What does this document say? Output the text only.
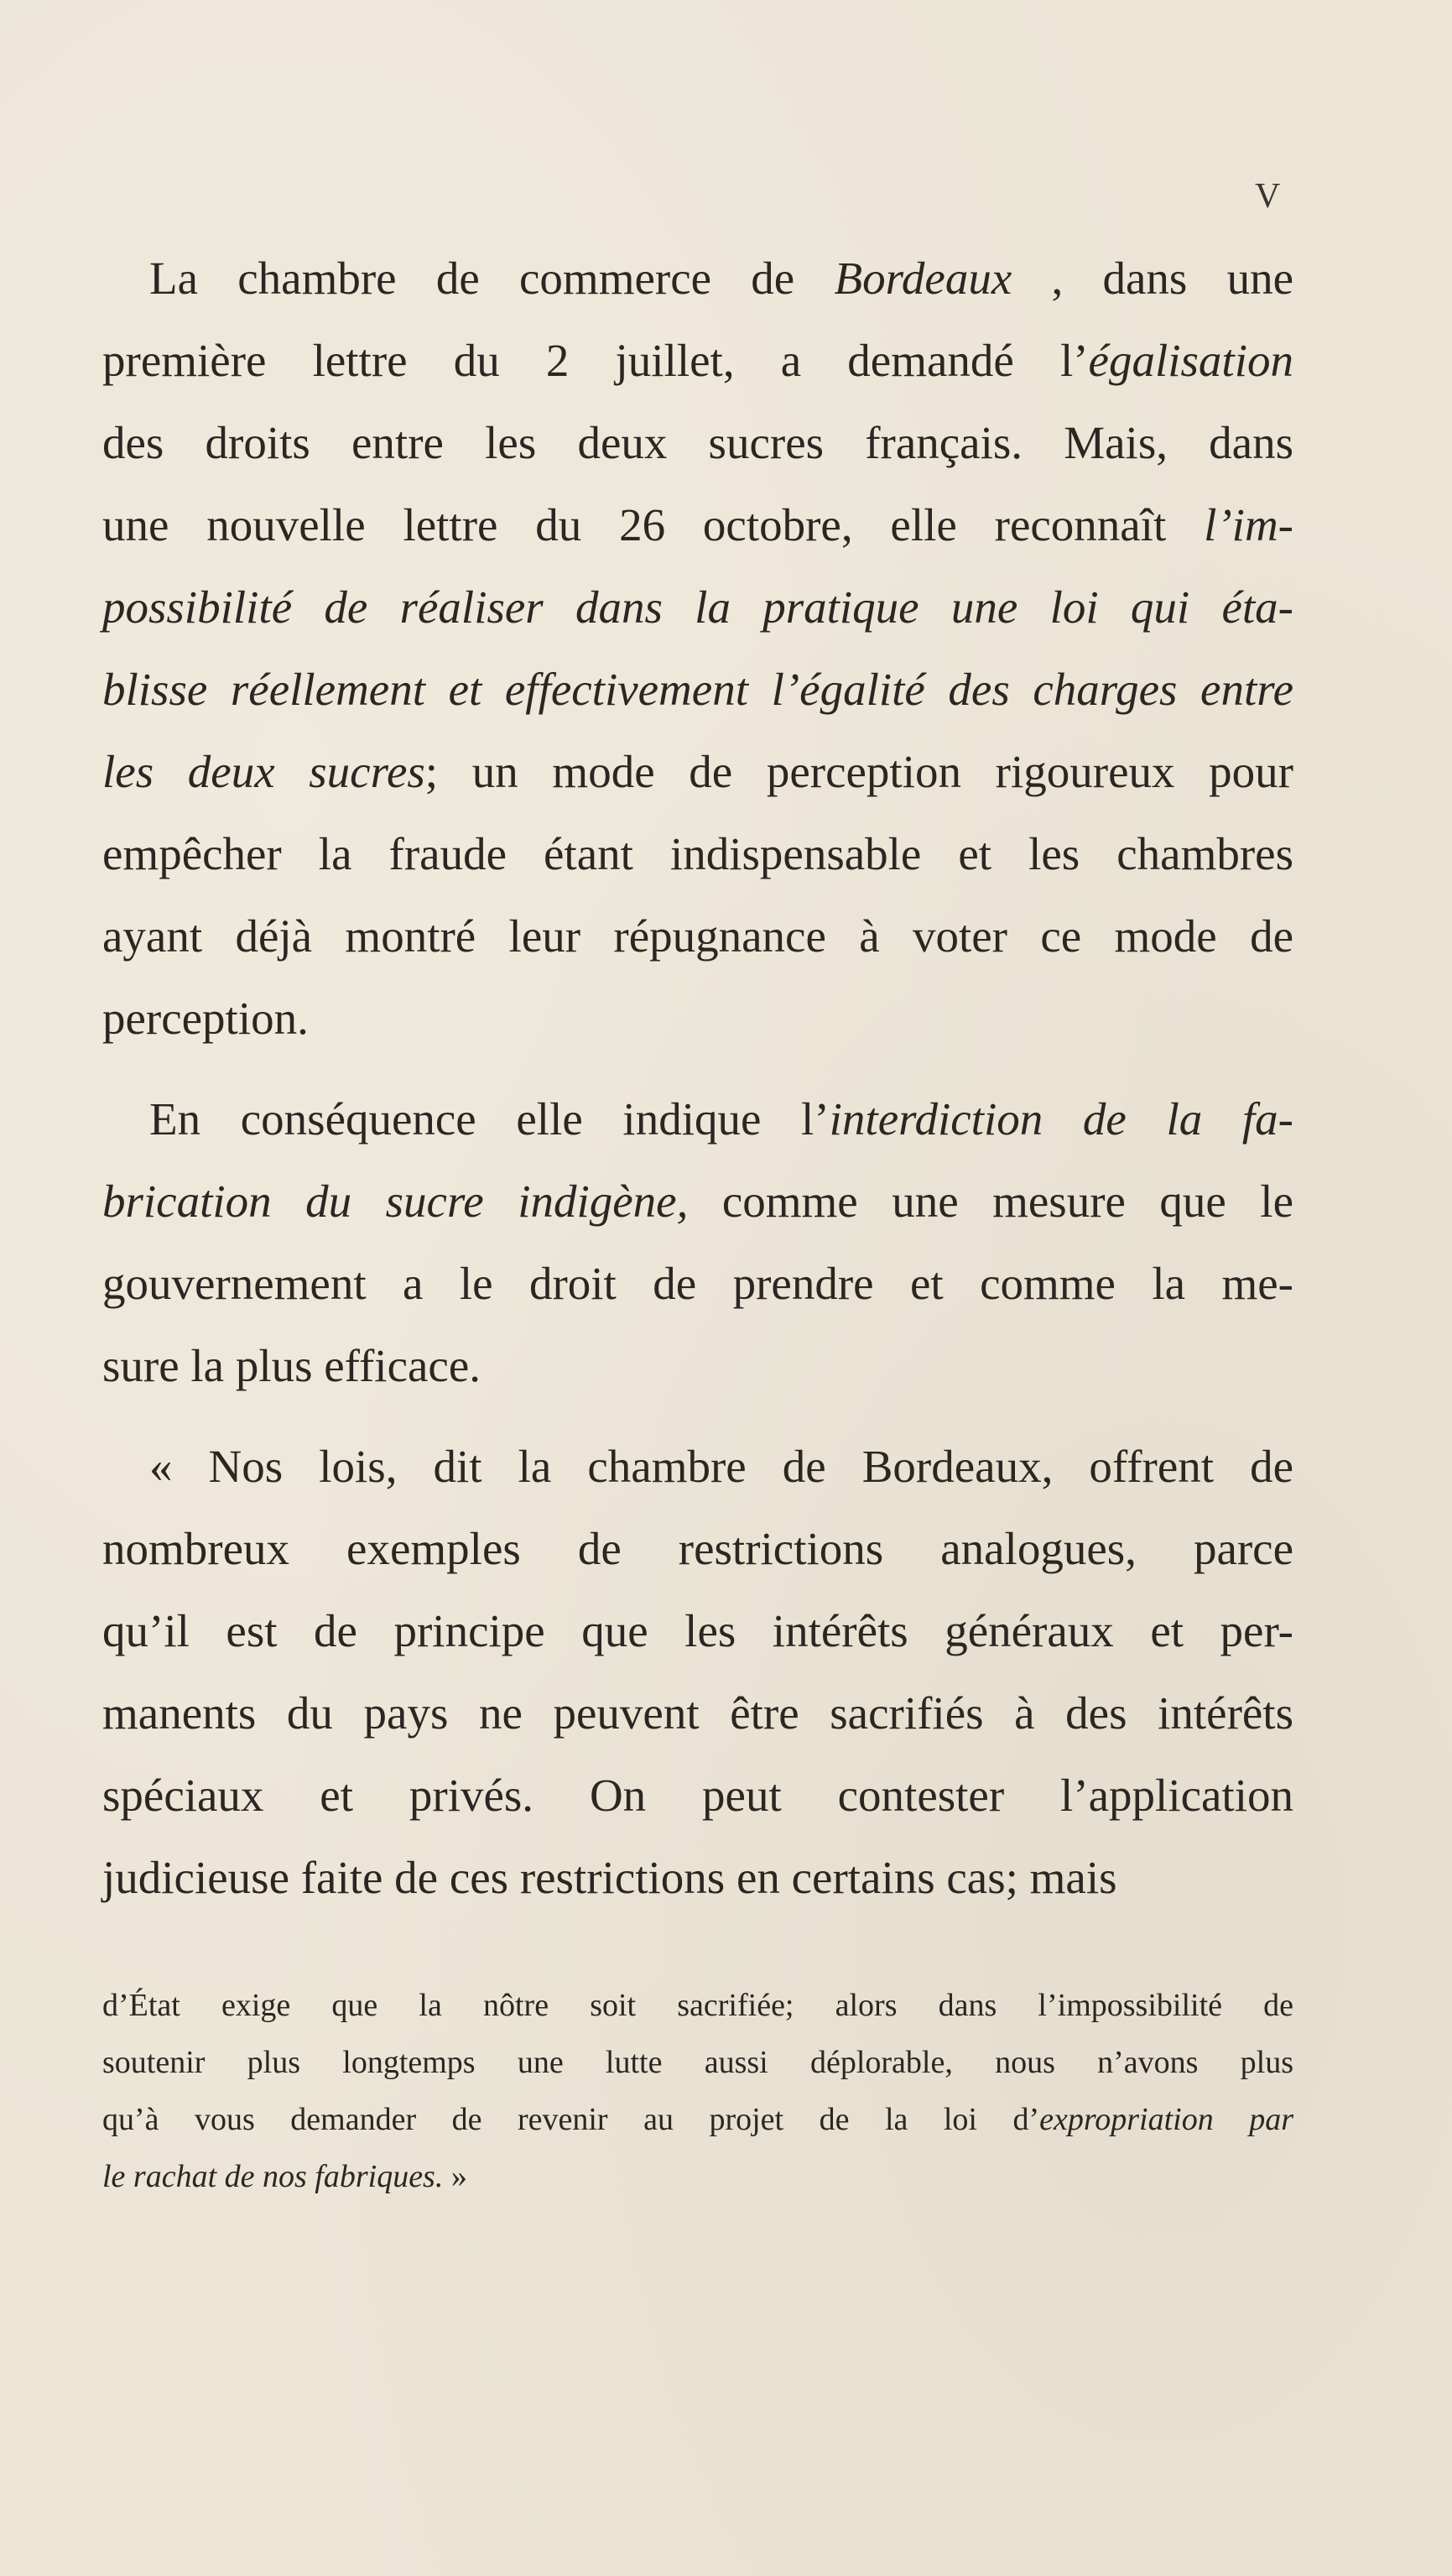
V
La chambre de commerce de Bordeaux , dans une
première lettre du 2 juillet, a demandé l’égalisation
des droits entre les deux sucres français. Mais, dans
une nouvelle lettre du 26 octobre, elle reconnaît l’im-
possibilité de réaliser dans la pratique une loi qui éta-
blisse réellement et effectivement l’égalité des charges entre
les deux sucres; un mode de perception rigoureux pour
empêcher la fraude étant indispensable et les chambres
ayant déjà montré leur répugnance à voter ce mode de
perception.
En conséquence elle indique l’interdiction de la fa-
brication du sucre indigène, comme une mesure que le
gouvernement a le droit de prendre et comme la me-
sure la plus efficace.
« Nos lois, dit la chambre de Bordeaux, offrent de
nombreux exemples de restrictions analogues, parce
qu’il est de principe que les intérêts généraux et per-
manents du pays ne peuvent être sacrifiés à des intérêts
spéciaux et privés. On peut contester l’application
judicieuse faite de ces restrictions en certains cas; mais
d’État exige que la nôtre soit sacrifiée; alors dans l’impossibilité de
soutenir plus longtemps une lutte aussi déplorable, nous n’avons plus
qu’à vous demander de revenir au projet de la loi d’expropriation par
le rachat de nos fabriques. »
